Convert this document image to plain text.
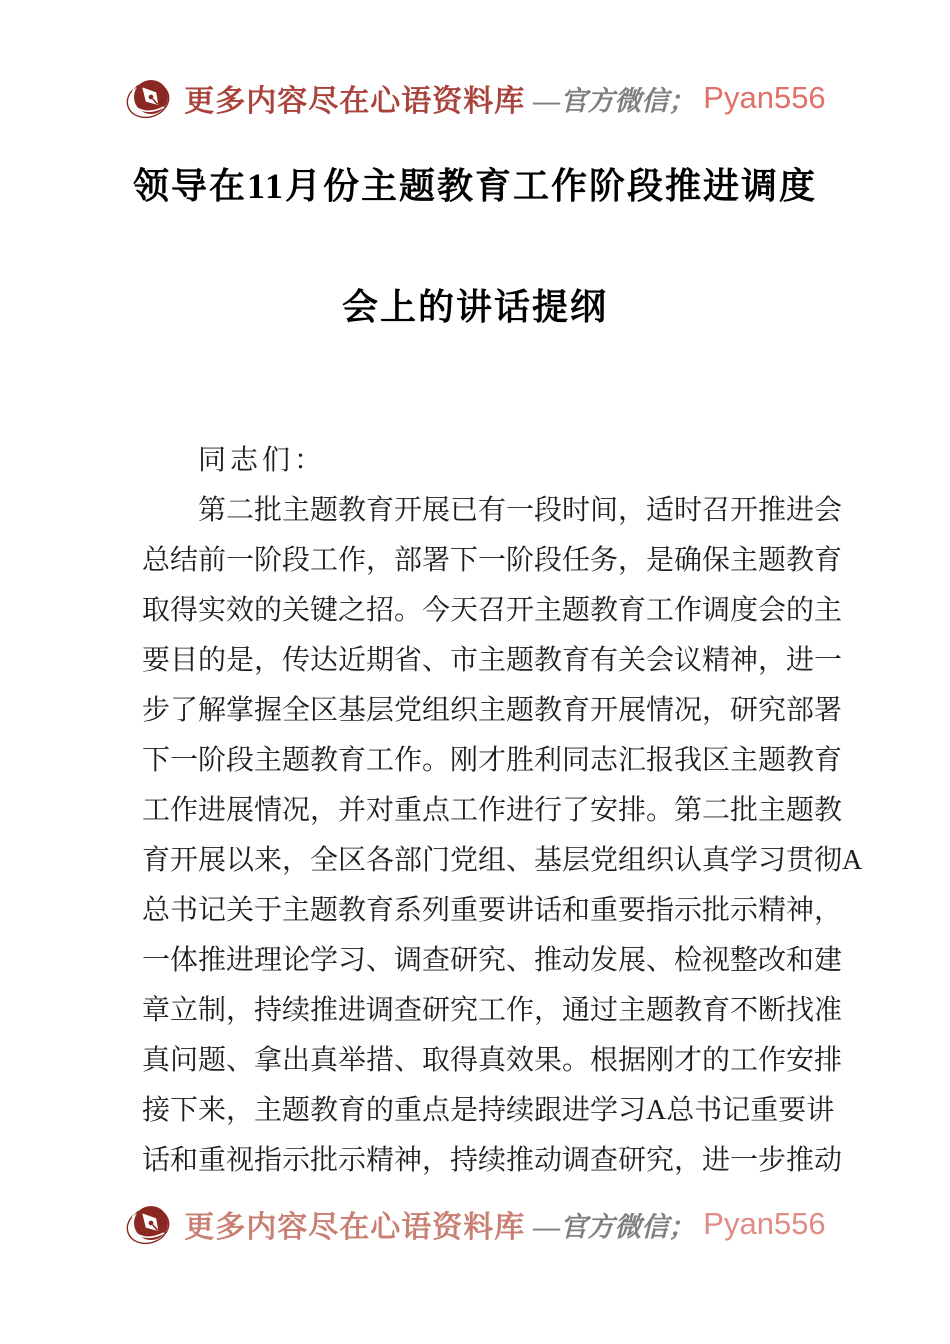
更多内容尽在心语资料库 —官方微信； Pyan556
领导在11月份主题教育工作阶段推进调度
会上的讲话提纲
同志们：
第二批主题教育开展已有一段时间，适时召开推进会
总结前一阶段工作，部署下一阶段任务，是确保主题教育
取得实效的关键之招。今天召开主题教育工作调度会的主
要目的是，传达近期省、市主题教育有关会议精神，进一
步了解掌握全区基层党组织主题教育开展情况，研究部署
下一阶段主题教育工作。刚才胜利同志汇报我区主题教育
工作进展情况，并对重点工作进行了安排。第二批主题教
育开展以来，全区各部门党组、基层党组织认真学习贯彻A
总书记关于主题教育系列重要讲话和重要指示批示精神，
一体推进理论学习、调查研究、推动发展、检视整改和建
章立制，持续推进调查研究工作，通过主题教育不断找准
真问题、拿出真举措、取得真效果。根据刚才的工作安排
接下来，主题教育的重点是持续跟进学习A总书记重要讲
话和重视指示批示精神，持续推动调查研究，进一步推动
更多内容尽在心语资料库 —官方微信； Pyan556
